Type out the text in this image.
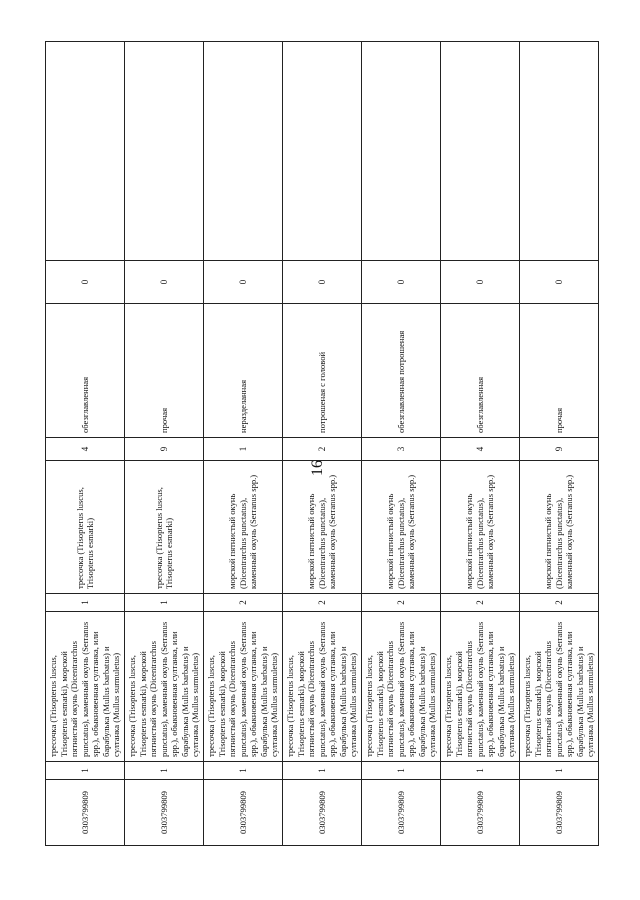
16
0303799809	1	тресочка (Trisopterus luscus, Trisopterus esmarki), морской пятнистый окунь (Dicentrarchus punctatus), каменный окунь (Serranus spp.), обыкновенная султанка, или барабулька (Mullus barbatus) и султанка (Mullus surmuletus)	1	тресочка (Trisopterus luscus, Trisopterus esmarki)	4	обезглавленная	0	
0303799809	1	тресочка (Trisopterus luscus, Trisopterus esmarki), морской пятнистый окунь (Dicentrarchus punctatus), каменный окунь (Serranus spp.), обыкновенная султанка, или барабулька (Mullus barbatus) и султанка (Mullus surmuletus)	1	тресочка (Trisopterus luscus, Trisopterus esmarki)	9	прочая	0	
0303799809	1	тресочка (Trisopterus luscus, Trisopterus esmarki), морской пятнистый окунь (Dicentrarchus punctatus), каменный окунь (Serranus spp.), обыкновенная султанка, или барабулька (Mullus barbatus) и султанка (Mullus surmuletus)	2	морской пятнистый окунь (Dicentrarchus punctatus), каменный окунь (Serranus spp.)	1	неразделанная	0	
0303799809	1	тресочка (Trisopterus luscus, Trisopterus esmarki), морской пятнистый окунь (Dicentrarchus punctatus), каменный окунь (Serranus spp.), обыкновенная султанка, или барабулька (Mullus barbatus) и султанка (Mullus surmuletus)	2	морской пятнистый окунь (Dicentrarchus punctatus), каменный окунь (Serranus spp.)	2	потрошеная с головой	0	
0303799809	1	тресочка (Trisopterus luscus, Trisopterus esmarki), морской пятнистый окунь (Dicentrarchus punctatus), каменный окунь (Serranus spp.), обыкновенная султанка, или барабулька (Mullus barbatus) и султанка (Mullus surmuletus)	2	морской пятнистый окунь (Dicentrarchus punctatus), каменный окунь (Serranus spp.)	3	обезглавленная потрошеная	0	
0303799809	1	тресочка (Trisopterus luscus, Trisopterus esmarki), морской пятнистый окунь (Dicentrarchus punctatus), каменный окунь (Serranus spp.), обыкновенная султанка, или барабулька (Mullus barbatus) и султанка (Mullus surmuletus)	2	морской пятнистый окунь (Dicentrarchus punctatus), каменный окунь (Serranus spp.)	4	обезглавленная	0	
0303799809	1	тресочка (Trisopterus luscus, Trisopterus esmarki), морской пятнистый окунь (Dicentrarchus punctatus), каменный окунь (Serranus spp.), обыкновенная султанка, или барабулька (Mullus barbatus) и султанка (Mullus surmuletus)	2	морской пятнистый окунь (Dicentrarchus punctatus), каменный окунь (Serranus spp.)	9	прочая	0	
